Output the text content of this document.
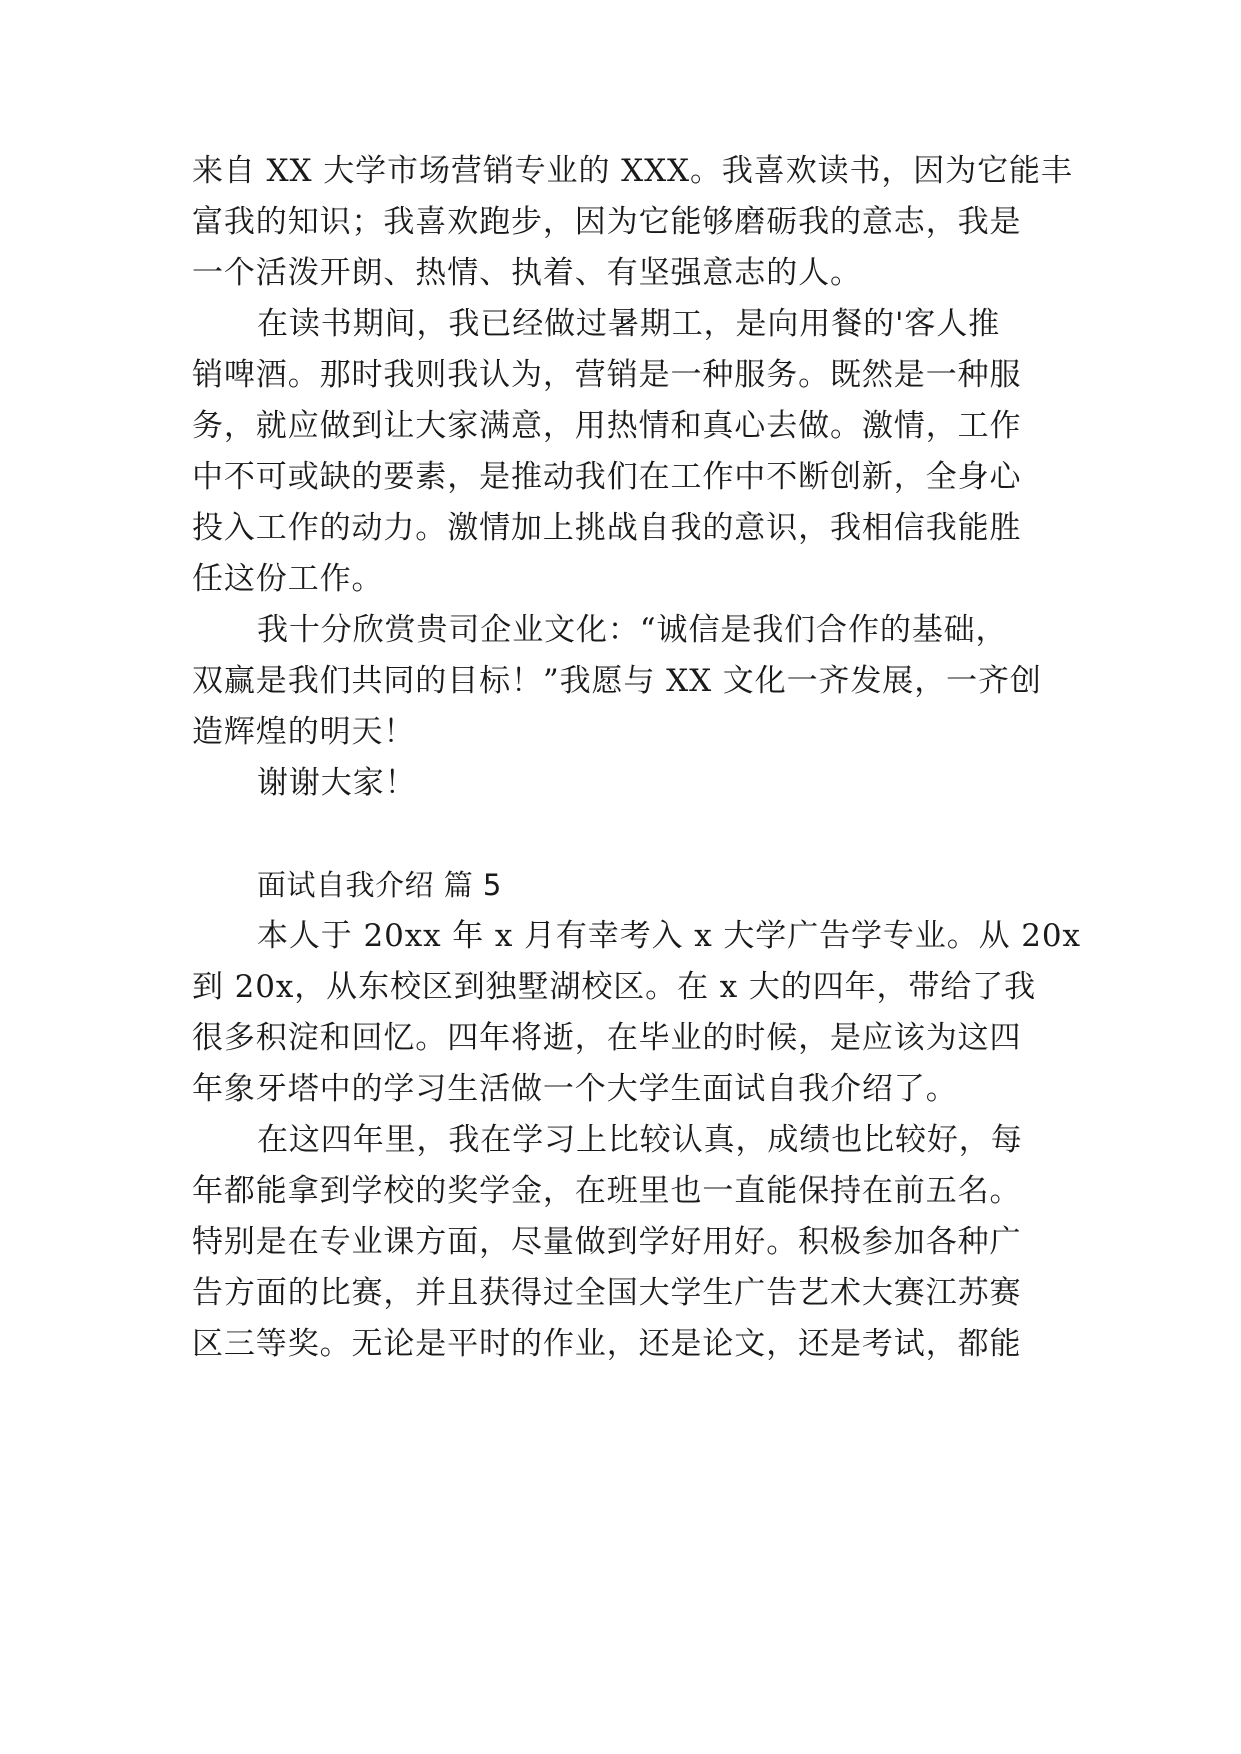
来自 XX 大学市场营销专业的 XXX。我喜欢读书，因为它能丰
富我的知识；我喜欢跑步，因为它能够磨砺我的意志，我是
一个活泼开朗、热情、执着、有坚强意志的人。
在读书期间，我已经做过暑期工，是向用餐的'客人推
销啤酒。那时我则我认为，营销是一种服务。既然是一种服
务，就应做到让大家满意，用热情和真心去做。激情，工作
中不可或缺的要素，是推动我们在工作中不断创新，全身心
投入工作的动力。激情加上挑战自我的意识，我相信我能胜
任这份工作。
我十分欣赏贵司企业文化：“诚信是我们合作的基础，
双赢是我们共同的目标！”我愿与 XX 文化一齐发展，一齐创
造辉煌的明天！
谢谢大家！
面试自我介绍 篇 5
本人于 20xx 年 x 月有幸考入 x 大学广告学专业。从 20x
到 20x，从东校区到独墅湖校区。在 x 大的四年，带给了我
很多积淀和回忆。四年将逝，在毕业的时候，是应该为这四
年象牙塔中的学习生活做一个大学生面试自我介绍了。
在这四年里，我在学习上比较认真，成绩也比较好，每
年都能拿到学校的奖学金，在班里也一直能保持在前五名。
特别是在专业课方面，尽量做到学好用好。积极参加各种广
告方面的比赛，并且获得过全国大学生广告艺术大赛江苏赛
区三等奖。无论是平时的作业，还是论文，还是考试，都能
